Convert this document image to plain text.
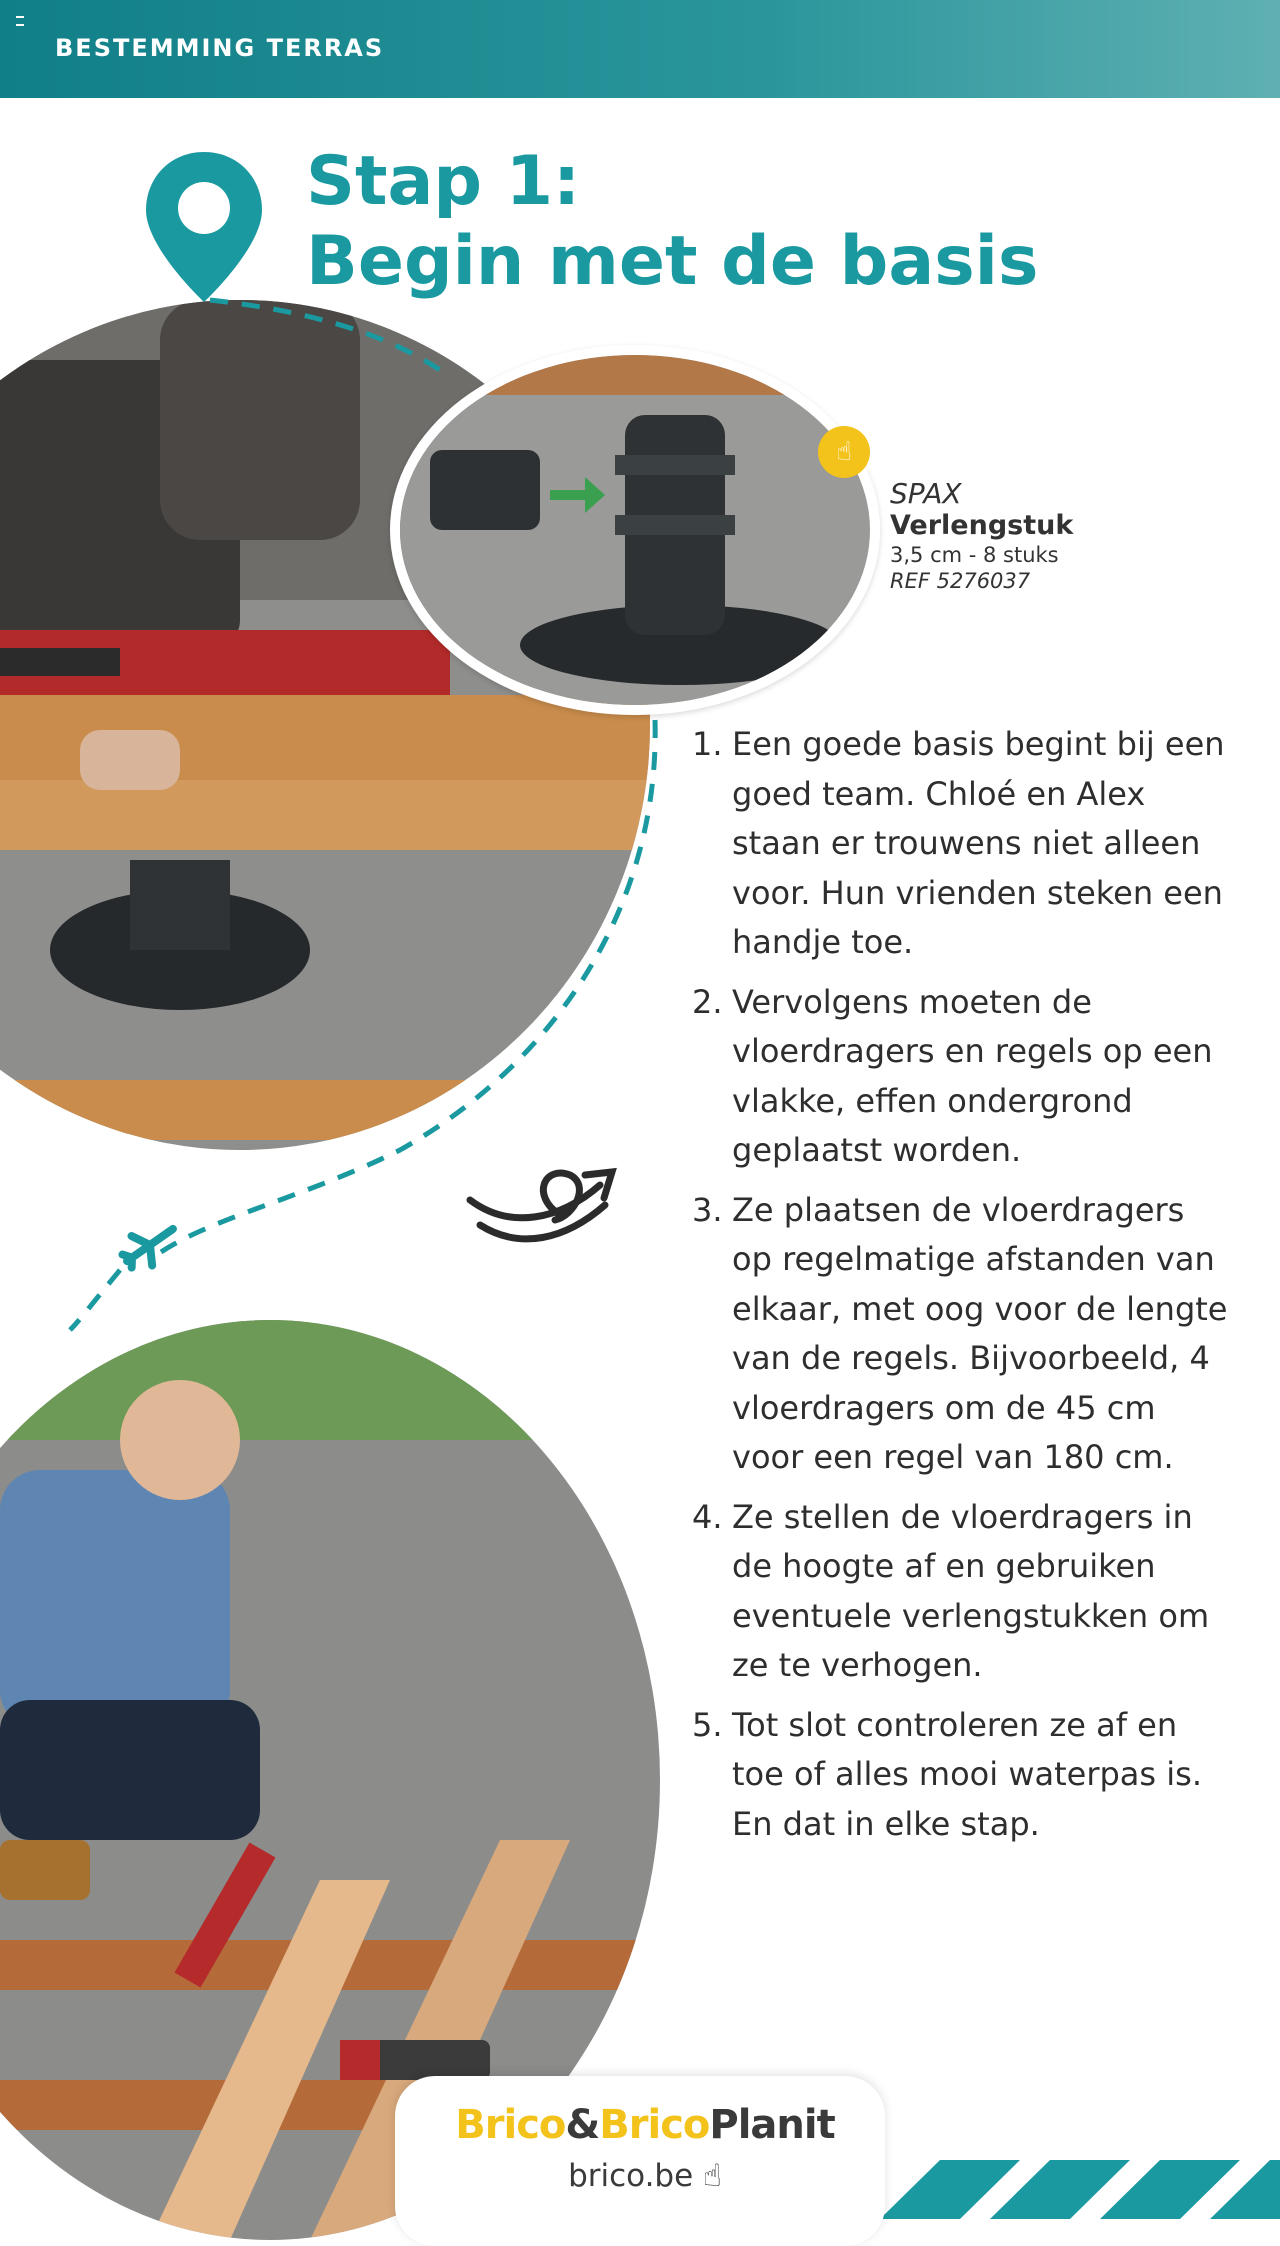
BESTEMMING TERRAS
Stap 1:
Begin met de basis
☝
SPAX
Verlengstuk
3,5 cm - 8 stuks
REF 5276037
1. Een goede basis begint bij een goed team. Chloé en Alex staan er trouwens niet alleen voor. Hun vrienden steken een handje toe.
2. Vervolgens moeten de vloerdragers en regels op een vlakke, effen ondergrond geplaatst worden.
3. Ze plaatsen de vloerdragers op regelmatige afstanden van elkaar, met oog voor de lengte van de regels. Bijvoorbeeld, 4 vloerdragers om de 45 cm voor een regel van 180 cm.
4. Ze stellen de vloerdragers in de hoogte af en gebruiken eventuele verlengstukken om ze te verhogen.
5. Tot slot controleren ze af en toe of alles mooi waterpas is. En dat in elke stap.
Brico&BricoPlanit
brico.be ☝
